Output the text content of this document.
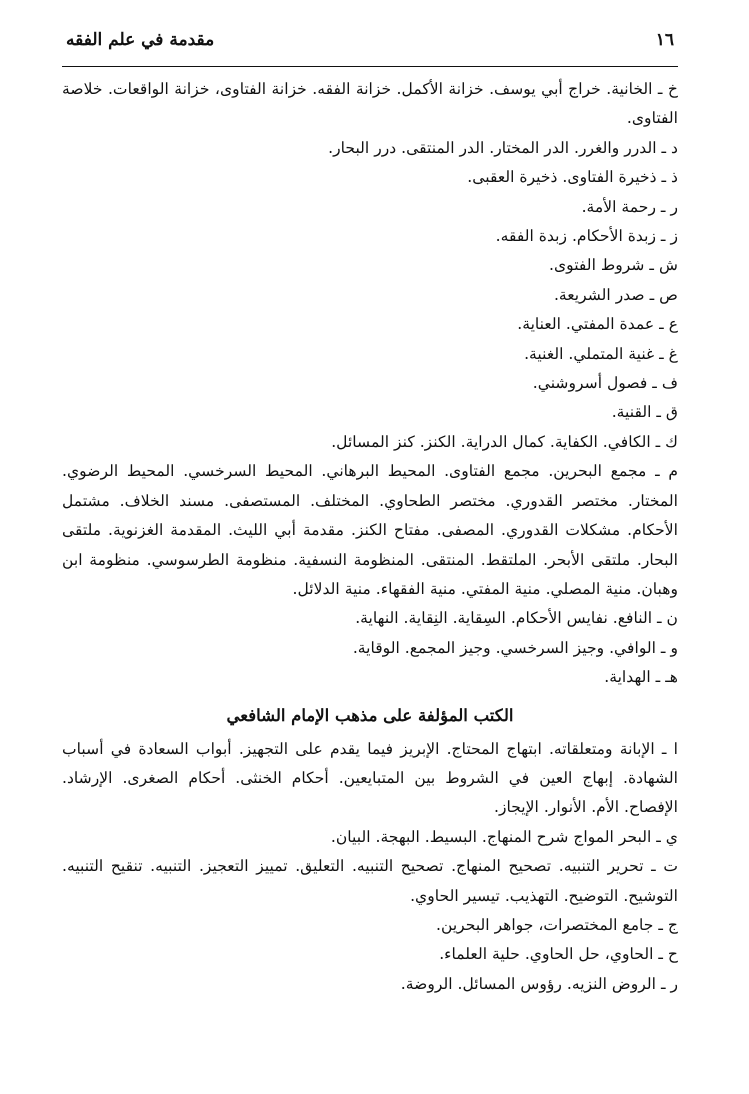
١٦
مقدمة في علم الفقه

خ ـ الخانية. خراج أبي يوسف. خزانة الأكمل. خزانة الفقه. خزانة الفتاوى، خزانة الواقعات. خلاصة الفتاوى.

د ـ الدرر والغرر. الدر المختار. الدر المنتقى. درر البحار.

ذ ـ ذخيرة الفتاوى. ذخيرة العقبى.

ر ـ رحمة الأمة.

ز ـ زبدة الأحكام. زبدة الفقه.

ش ـ شروط الفتوى.

ص ـ صدر الشريعة.

ع ـ عمدة المفتي. العناية.

غ ـ غنية المتملي. الغنية.

ف ـ فصول أسروشني.

ق ـ القنية.

ك ـ الكافي. الكفاية. كمال الدراية. الكنز. كنز المسائل.

م ـ مجمع البحرين. مجمع الفتاوى. المحيط البرهاني. المحيط السرخسي. المحيط الرضوي. المختار. مختصر القدوري. مختصر الطحاوي. المختلف. المستصفى. مسند الخلاف. مشتمل الأحكام. مشكلات القدوري. المصفى. مفتاح الكنز. مقدمة أبي الليث. المقدمة الغزنوية. ملتقى البحار. ملتقى الأبحر. الملتقط. المنتقى. المنظومة النسفية. منظومة الطرسوسي. منظومة ابن وهبان. منية المصلي. منية المفتي. منية الفقهاء. منية الدلائل.

ن ـ النافع. نفايس الأحكام. السِقاية. النِقاية. النهاية.

و ـ الوافي. وجيز السرخسي. وجيز المجمع. الوقاية.

هـ ـ الهداية.

الكتب المؤلفة على مذهب الإمام الشافعي

ا ـ الإبانة ومتعلقاته. ابتهاج المحتاج. الإبريز فيما يقدم على التجهيز. أبواب السعادة في أسباب الشهادة. إبهاج العين في الشروط بين المتبايعين. أحكام الخنثى. أحكام الصغرى. الإرشاد. الإفصاح. الأم. الأنوار. الإيجاز.

ي ـ البحر المواج شرح المنهاج. البسيط. البهجة. البيان.

ت ـ تحرير التنبيه. تصحيح المنهاج. تصحيح التنبيه. التعليق. تمييز التعجيز. التنبيه. تنقيح التنبيه. التوشيح. التوضيح. التهذيب. تيسير الحاوي.

ج ـ جامع المختصرات، جواهر البحرين.

ح ـ الحاوي، حل الحاوي. حلية العلماء.

ر ـ الروض النزيه. رؤوس المسائل. الروضة.
